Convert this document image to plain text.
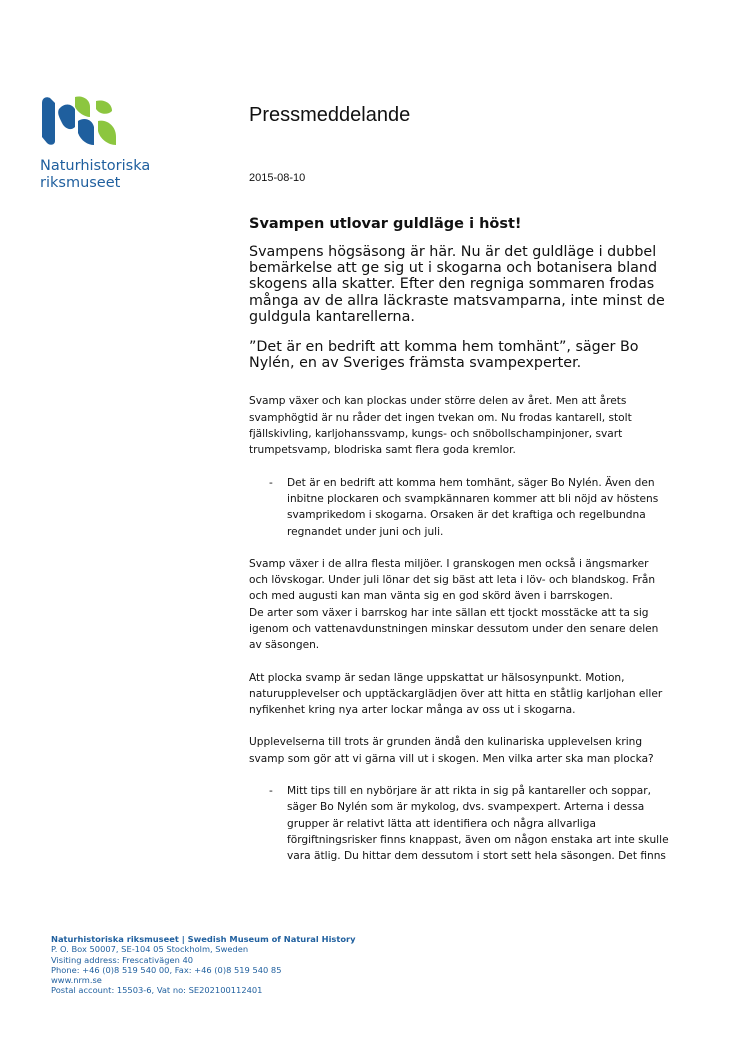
Naturhistoriska
riksmuseet
Pressmeddelande
2015-08-10
Svampen utlovar guldläge i höst!

Svampens högsäsong är här. Nu är det guldläge i dubbel bemärkelse att ge sig ut i skogarna och botanisera bland skogens alla skatter. Efter den regniga sommaren frodas många av de allra läckraste matsvamparna, inte minst de guldgula kantarellerna.

”Det är en bedrift att komma hem tomhänt”, säger Bo Nylén, en av Sveriges främsta svampexperter.

Svamp växer och kan plockas under större delen av året. Men att årets svamphögtid är nu råder det ingen tvekan om. Nu frodas kantarell, stolt fjällskivling, karljohanssvamp, kungs- och snöbollschampinjoner, svart trumpetsvamp, blodriska samt flera goda kremlor.

- Det är en bedrift att komma hem tomhänt, säger Bo Nylén. Även den inbitne plockaren och svampkännaren kommer att bli nöjd av höstens svamprikedom i skogarna. Orsaken är det kraftiga och regelbundna regnandet under juni och juli.

Svamp växer i de allra flesta miljöer. I granskogen men också i ängsmarker och lövskogar. Under juli lönar det sig bäst att leta i löv- och blandskog. Från och med augusti kan man vänta sig en god skörd även i barrskogen.
De arter som växer i barrskog har inte sällan ett tjockt mosstäcke att ta sig igenom och vattenavdunstningen minskar dessutom under den senare delen av säsongen.

Att plocka svamp är sedan länge uppskattat ur hälsosynpunkt. Motion, naturupplevelser och upptäckarglädjen över att hitta en ståtlig karljohan eller nyfikenhet kring nya arter lockar många av oss ut i skogarna.

Upplevelserna till trots är grunden ändå den kulinariska upplevelsen kring svamp som gör att vi gärna vill ut i skogen. Men vilka arter ska man plocka?

- Mitt tips till en nybörjare är att rikta in sig på kantareller och soppar, säger Bo Nylén som är mykolog, dvs. svampexpert. Arterna i dessa grupper är relativt lätta att identifiera och några allvarliga förgiftningsrisker finns knappast, även om någon enstaka art inte skulle vara ätlig. Du hittar dem dessutom i stort sett hela säsongen. Det finns
Naturhistoriska riksmuseet | Swedish Museum of Natural History
P. O. Box 50007, SE-104 05 Stockholm, Sweden
Visiting address: Frescativägen 40
Phone: +46 (0)8 519 540 00, Fax: +46 (0)8 519 540 85
www.nrm.se
Postal account: 15503-6, Vat no: SE202100112401
